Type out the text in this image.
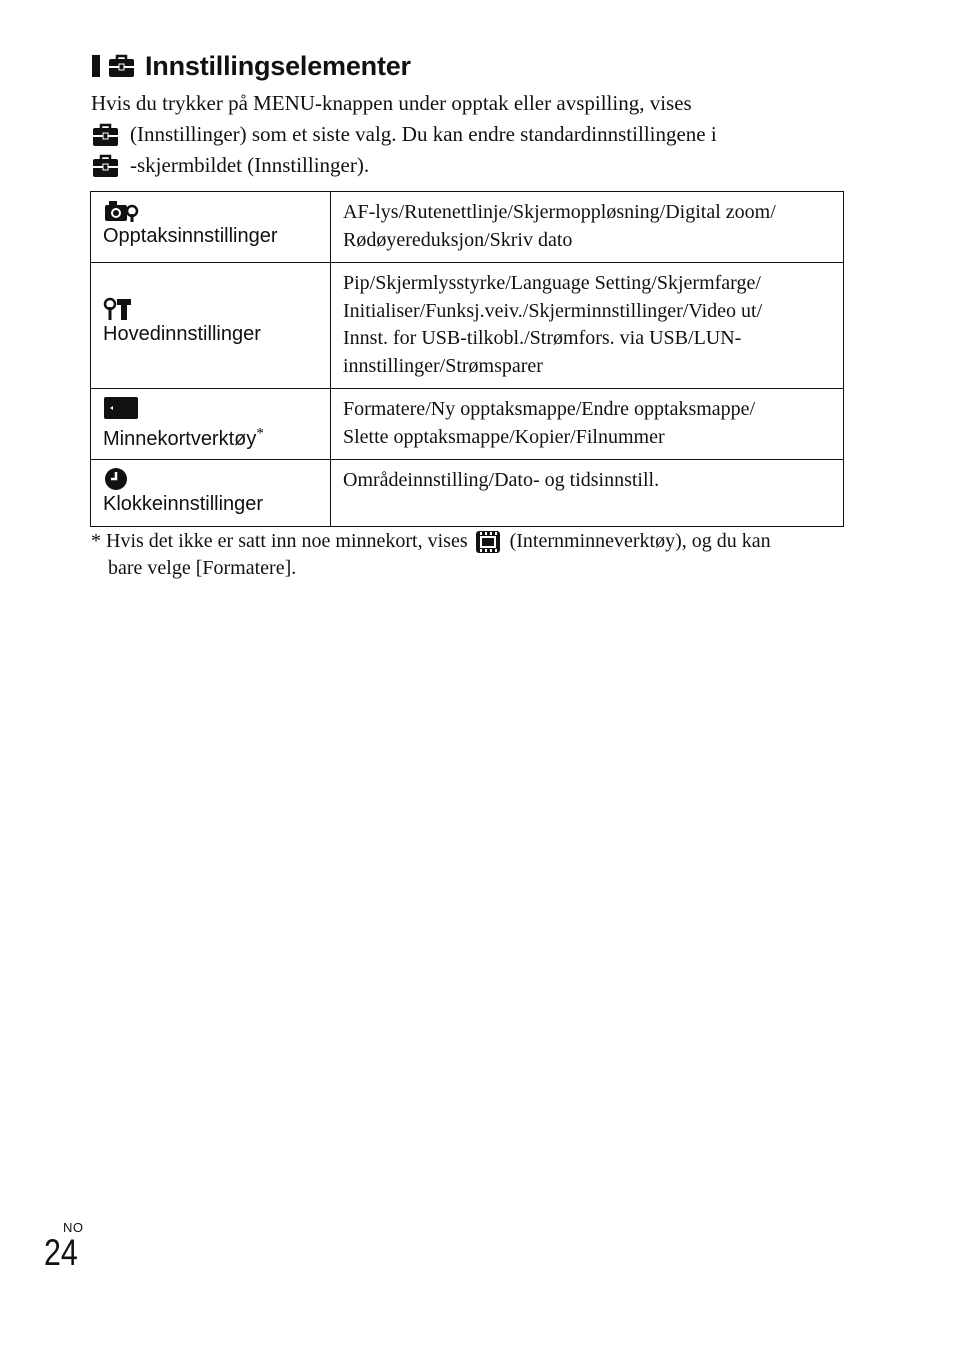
Innstillingselementer
Hvis du trykker på MENU-knappen under opptak eller avspilling, vises
(Innstillinger) som et siste valg. Du kan endre standardinnstillingene i
-skjermbildet (Innstillinger).
Opptaksinnstillinger	AF-lys/Rutenettlinje/Skjermoppløsning/Digital zoom/
Rødøyereduksjon/Skriv dato

Hovedinnstillinger	Pip/Skjermlysstyrke/Language Setting/Skjermfarge/
Initialiser/Funksj.veiv./Skjerminnstillinger/Video ut/
Innst. for USB-tilkobl./Strømfors. via USB/LUN-
innstillinger/Strømsparer

Minnekortverktøy*	Formatere/Ny opptaksmappe/Endre opptaksmappe/
Slette opptaksmappe/Kopier/Filnummer

Klokkeinnstillinger	Områdeinnstilling/Dato- og tidsinnstill.
* Hvis det ikke er satt inn noe minnekort, vises (Internminneverktøy), og du kan
bare velge [Formatere].
NO
24
